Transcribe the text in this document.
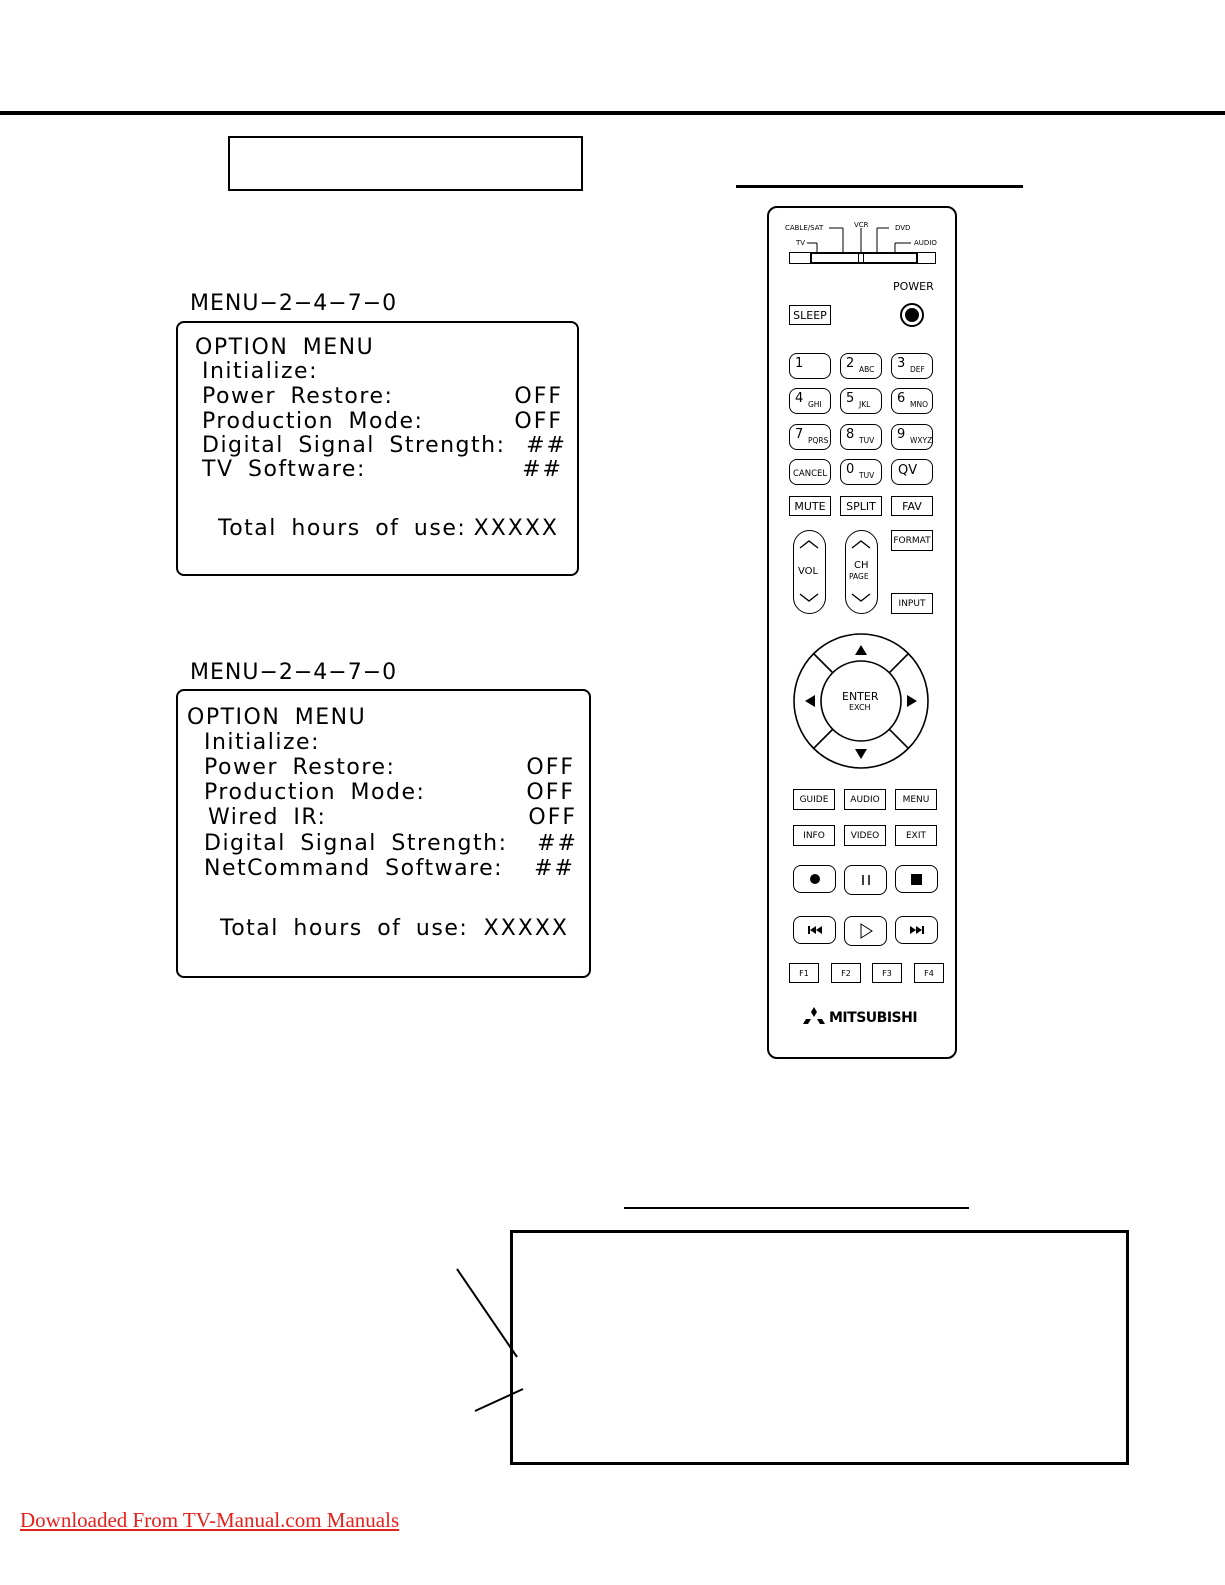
MENU−2−4−7−0
OPTION MENU
Initialize:
Power Restore:	OFF
Production Mode:	OFF
Digital Signal Strength: ##
TV Software:	##
Total hours of use: XXXXX
MENU−2−4−7−0
OPTION MENU
Initialize:
Power Restore:	OFF
Production Mode:	OFF
Wired IR:	OFF
Digital Signal Strength: ##
NetCommand Software: ##
Total hours of use: XXXXX
CABLE/SAT	VCR	DVD
TV	AUDIO
POWER
SLEEP
1	2 ABC 3 DEF
4 GHI 5 JKL 6 MNO
7 PQRS 8 TUV 9 WXYZ
CANCEL 0 TUV QV
MUTE	SPLIT	FAV
VOL
CH
PAGE
FORMAT
INPUT
ENTER
EXCH
GUIDE	AUDIO	MENU
INFO	VIDEO	EXIT
F1	F2	F3	F4
MITSUBISHI
Downloaded From TV-Manual.com Manuals
